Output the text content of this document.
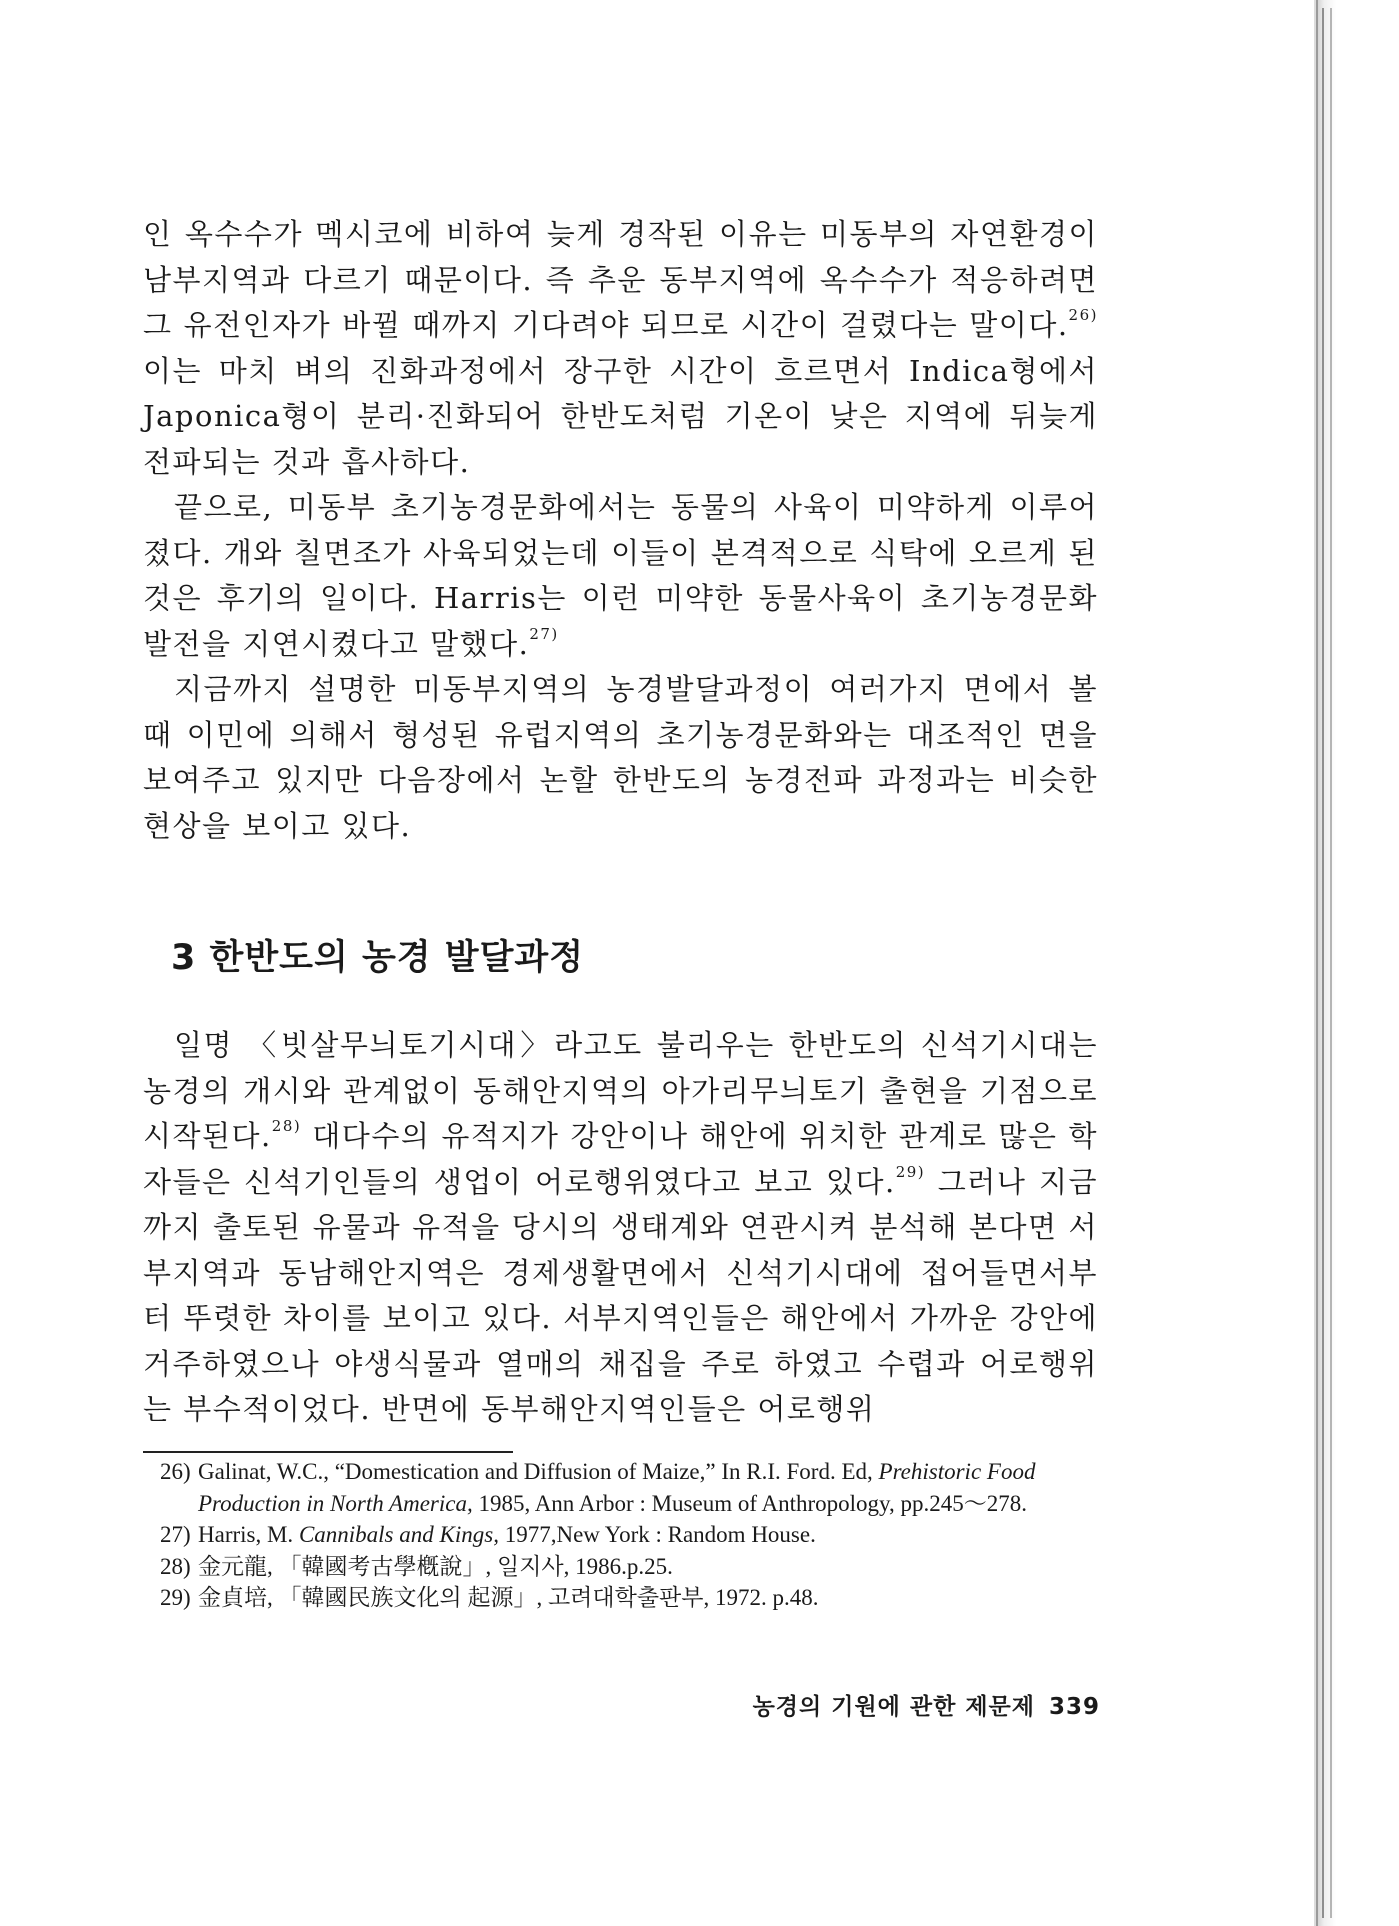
인 옥수수가 멕시코에 비하여 늦게 경작된 이유는 미동부의 자연환경이 남부지역과 다르기 때문이다. 즉 추운 동부지역에 옥수수가 적응하려면 그 유전인자가 바뀔 때까지 기다려야 되므로 시간이 걸렸다는 말이다.$^{26)}$ 이는 마치 벼의 진화과정에서 장구한 시간이 흐르면서 Indica형에서 Japonica형이 분리·진화되어 한반도처럼 기온이 낮은 지역에 뒤늦게 전파되는 것과 흡사하다.

끝으로, 미동부 초기농경문화에서는 동물의 사육이 미약하게 이루어졌다. 개와 칠면조가 사육되었는데 이들이 본격적으로 식탁에 오르게 된 것은 후기의 일이다. Harris는 이런 미약한 동물사육이 초기농경문화 발전을 지연시켰다고 말했다.$^{27)}$

지금까지 설명한 미동부지역의 농경발달과정이 여러가지 면에서 볼 때 이민에 의해서 형성된 유럽지역의 초기농경문화와는 대조적인 면을 보여주고 있지만 다음장에서 논할 한반도의 농경전파 과정과는 비슷한 현상을 보이고 있다.

3 한반도의 농경 발달과정

일명 〈빗살무늬토기시대〉라고도 불리우는 한반도의 신석기시대는 농경의 개시와 관계없이 동해안지역의 아가리무늬토기 출현을 기점으로 시작된다.$^{28)}$ 대다수의 유적지가 강안이나 해안에 위치한 관계로 많은 학자들은 신석기인들의 생업이 어로행위였다고 보고 있다.$^{29)}$ 그러나 지금까지 출토된 유물과 유적을 당시의 생태계와 연관시켜 분석해 본다면 서부지역과 동남해안지역은 경제생활면에서 신석기시대에 접어들면서부터 뚜렷한 차이를 보이고 있다. 서부지역인들은 해안에서 가까운 강안에 거주하였으나 야생식물과 열매의 채집을 주로 하였고 수렵과 어로행위는 부수적이었다. 반면에 동부해안지역인들은 어로행위

26) Galinat, W.C., “Domestication and Diffusion of Maize,” In R.I. Ford. Ed, Prehistoric Food Production in North America, 1985, Ann Arbor : Museum of Anthropology, pp.245～278.
27) Harris, M. Cannibals and Kings, 1977,New York : Random House.
28) 金元龍, 「韓國考古學槪說」, 일지사, 1986.p.25.
29) 金貞培, 「韓國民族文化의 起源」, 고려대학출판부, 1972. p.48.
농경의 기원에 관한 제문제 339
